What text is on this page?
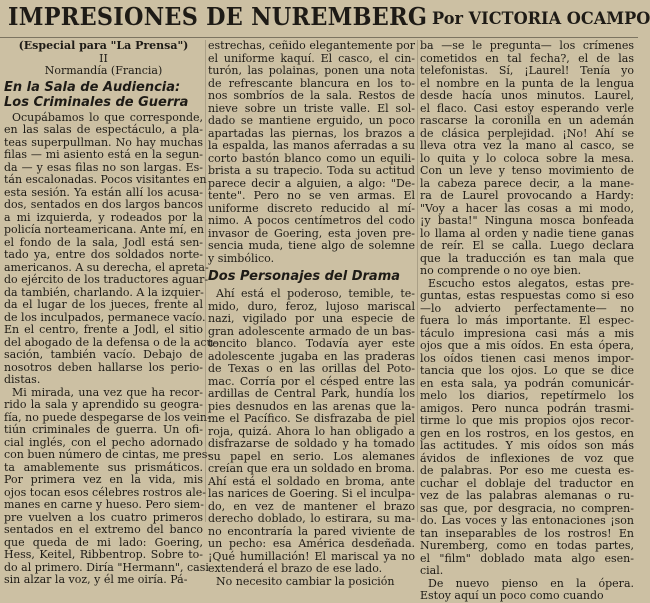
IMPRESIONES DE NUREMBERG Por VICTORIA OCAMPO
(Especial para "La Prensa")
II
Normandía (Francia)
En la Sala de Audiencia:
Los Criminales de Guerra
Ocupábamos lo que corresponde,
en las salas de espectáculo, a pla-
teas superpullman. No hay muchas
filas — mi asiento está en la segun-
da — y esas filas no son largas. Es-
tán escalonadas. Pocos visitantes en
esta sesión. Ya están allí los acusa-
dos, sentados en dos largos bancos
a mi izquierda, y rodeados por la
policía norteamericana. Ante mí, en
el fondo de la sala, Jodl está sen-
tado ya, entre dos soldados norte-
americanos. A su derecha, el apreta-
do ejército de los traductores aguar-
da también, charlando. A la izquier-
da el lugar de los jueces, frente al
de los inculpados, permanece vacío.
En el centro, frente a Jodl, el sitio
del abogado de la defensa o de la acu-
sación, también vacío. Debajo de
nosotros deben hallarse los perio-
distas.
Mi mirada, una vez que ha recor-
rido la sala y aprendido su geogra-
fía, no puede despegarse de los vein-
tiún criminales de guerra. Un ofi-
cial inglés, con el pecho adornado
con buen número de cintas, me pres-
ta amablemente sus prismáticos.
Por primera vez en la vida, mis
ojos tocan esos célebres rostros ale-
manes en carne y hueso. Pero siem-
pre vuelven a los cuatro primeros
sentados en el extremo del banco
que queda de mi lado: Goering,
Hess, Keitel, Ribbentrop. Sobre to-
do al primero. Diría "Hermann", casi
sin alzar la voz, y él me oiría. Pá-
estrechas, ceñido elegantemente por
el uniforme kaquí. El casco, el cin-
turón, las polainas, ponen una nota
de refrescante blancura en los to-
nos sombríos de la sala. Restos de
nieve sobre un triste valle. El sol-
dado se mantiene erguido, un poco
apartadas las piernas, los brazos a
la espalda, las manos aferradas a su
corto bastón blanco como un equili-
brista a su trapecio. Toda su actitud
parece decir a alguien, a algo: "De-
tente". Pero no se ven armas. El
uniforme discreto reducido al mí-
nimo. A pocos centímetros del codo
invasor de Goering, esta joven pre-
sencia muda, tiene algo de solemne
y simbólico.
Dos Personajes del Drama
Ahí está el poderoso, temible, te-
mido, duro, feroz, lujoso mariscal
nazi, vigilado por una especie de
gran adolescente armado de un bas-
toncito blanco. Todavía ayer este
adolescente jugaba en las praderas
de Texas o en las orillas del Poto-
mac. Corría por el césped entre las
ardillas de Central Park, hundía los
pies desnudos en las arenas que la-
me el Pacífico. Se disfrazaba de piel
roja, quizá. Ahora lo han obligado a
disfrazarse de soldado y ha tomado
su papel en serio. Los alemanes
creían que era un soldado en broma.
Ahí está el soldado en broma, ante
las narices de Goering. Si el inculpa-
do, en vez de mantener el brazo
derecho doblado, lo estirara, su ma-
no encontraría la pared viviente de
un pecho: esa América desdeñada.
¡Qué humillación! El mariscal ya no
extenderá el brazo de ese lado.
No necesito cambiar la posición
ba —se le pregunta— los crímenes
cometidos en tal fecha?, el de las
telefonistas. Sí, ¡Laurel! Tenía yo
el nombre en la punta de la lengua
desde hacía unos minutos. Laurel,
el flaco. Casi estoy esperando verle
rascarse la coronilla en un ademán
de clásica perplejidad. ¡No! Ahí se
lleva otra vez la mano al casco, se
lo quita y lo coloca sobre la mesa.
Con un leve y tenso movimiento de
la cabeza parece decir, a la mane-
ra de Laurel provocando a Hardy:
"Voy a hacer las cosas a mi modo,
¡y basta!" Ninguna mosca bonfeada
lo llama al orden y nadie tiene ganas
de reír. El se calla. Luego declara
que la traducción es tan mala que
no comprende o no oye bien.
Escucho estos alegatos, estas pre-
guntas, estas respuestas como si eso
—lo advierto perfectamente— no
fuera lo más importante. El espec-
táculo impresiona casi más a mis
ojos que a mis oídos. En esta ópera,
los oídos tienen casi menos impor-
tancia que los ojos. Lo que se dice
en esta sala, ya podrán comunicár-
melo los diarios, repetírmelo los
amigos. Pero nunca podrán trasmi-
tirme lo que mis propios ojos recor-
gen en los rostros, en los gestos, en
las actitudes. Y mis oídos son más
ávidos de inflexiones de voz que
de palabras. Por eso me cuesta es-
cuchar el doblaje del traductor en
vez de las palabras alemanas o ru-
sas que, por desgracia, no compren-
do. Las voces y las entonaciones ¡son
tan inseparables de los rostros! En
Nuremberg, como en todas partes,
el "film" doblado mata algo esen-
cial.
De nuevo pienso en la ópera.
Estoy aquí un poco como cuando
